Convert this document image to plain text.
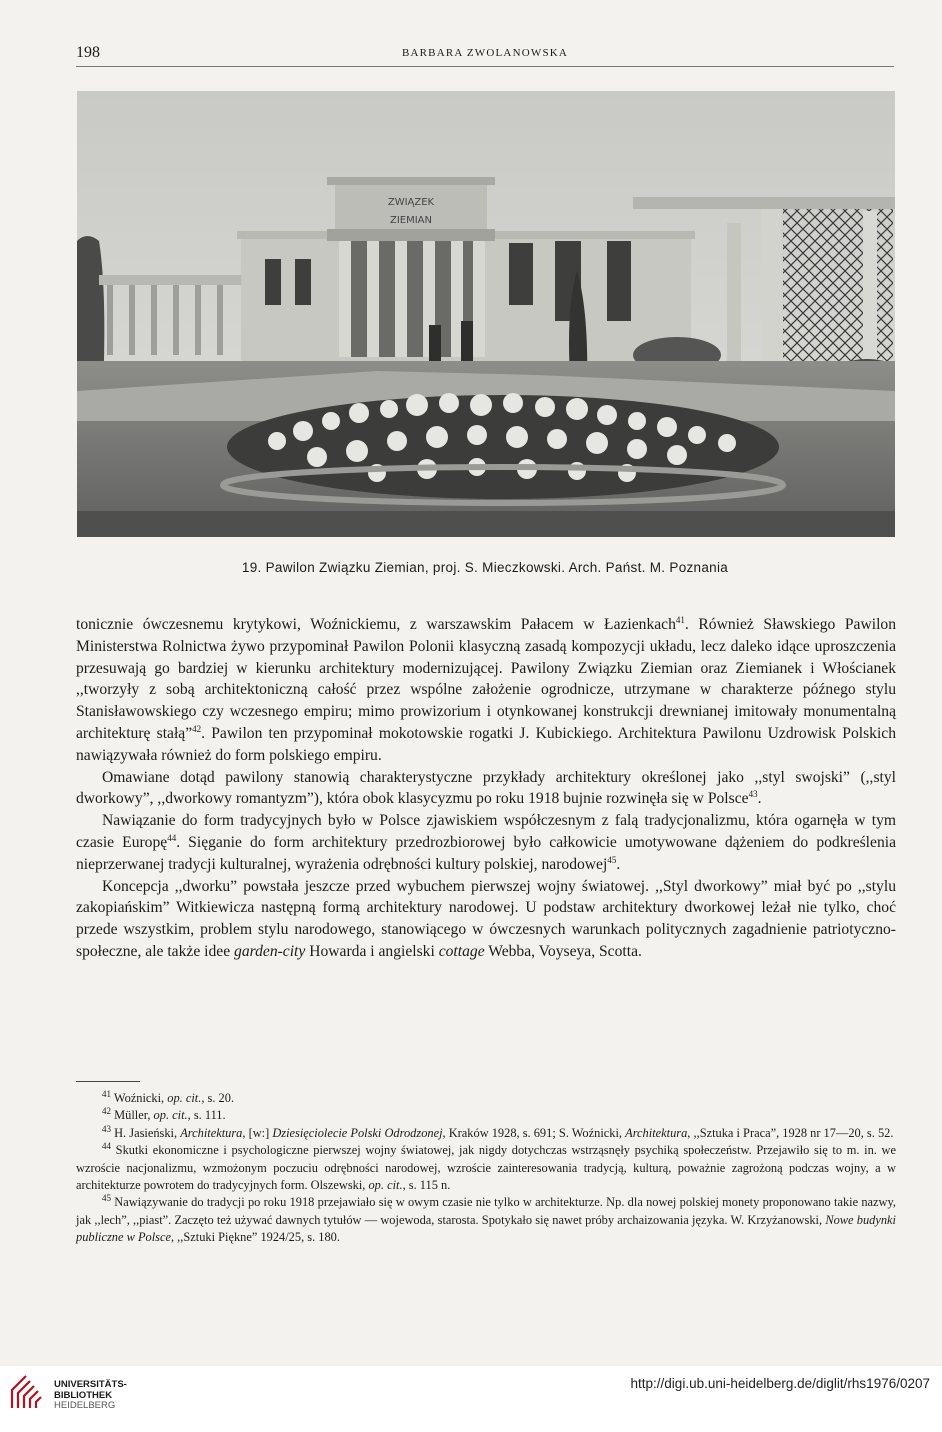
198	BARBARA ZWOLANOWSKA
ZWIĄZEK
ZIEMIAN
19. Pawilon Związku Ziemian, proj. S. Mieczkowski. Arch. Państ. M. Poznania

tonicznie ówczesnemu krytykowi, Woźnickiemu, z warszawskim Pałacem w Łazienkach$^{41}$. Również Sławskiego Pawilon Ministerstwa Rolnictwa żywo przypominał Pawilon Polonii klasyczną zasadą kompozycji układu, lecz daleko idące uproszczenia przesuwają go bardziej w kierunku architektury modernizującej. Pawilony Związku Ziemian oraz Ziemianek i Włościanek ,,tworzyły z sobą architektoniczną całość przez wspólne założenie ogrodnicze, utrzymane w charakterze późnego stylu Stanisławowskiego czy wczesnego empiru; mimo prowizorium i otynkowanej konstrukcji drewnianej imitowały monumentalną architekturę stałą”$^{42}$. Pawilon ten przypominał mokotowskie rogatki J. Kubickiego. Architektura Pawilonu Uzdrowisk Polskich nawiązywała również do form polskiego empiru.

Omawiane dotąd pawilony stanowią charakterystyczne przykłady architektury określonej jako ,,styl swojski” (,,styl dworkowy”, ,,dworkowy romantyzm”), która obok klasycyzmu po roku 1918 bujnie rozwinęła się w Polsce$^{43}$.

Nawiązanie do form tradycyjnych było w Polsce zjawiskiem współczesnym z falą tradycjonalizmu, która ogarnęła w tym czasie Europę$^{44}$. Sięganie do form architektury przedrozbiorowej było całkowicie umotywowane dążeniem do podkreślenia nieprzerwanej tradycji kulturalnej, wyrażenia odrębności kultury polskiej, narodowej$^{45}$.

Koncepcja ,,dworku” powstała jeszcze przed wybuchem pierwszej wojny światowej. ,,Styl dworkowy” miał być po ,,stylu zakopiańskim” Witkiewicza następną formą architektury narodowej. U podstaw architektury dworkowej leżał nie tylko, choć przede wszystkim, problem stylu narodowego, stanowiącego w ówczesnych warunkach politycznych zagadnienie patriotyczno-społeczne, ale także idee garden-city Howarda i angielski cottage Webba, Voyseya, Scotta.

$^{41}$ Woźnicki, op. cit., s. 20.

$^{42}$ Müller, op. cit., s. 111.

$^{43}$ H. Jasieński, Architektura, [w:] Dziesięciolecie Polski Odrodzonej, Kraków 1928, s. 691; S. Woźnicki, Architektura, ,,Sztuka i Praca”, 1928 nr 17—20, s. 52.

$^{44}$ Skutki ekonomiczne i psychologiczne pierwszej wojny światowej, jak nigdy dotychczas wstrząsnęły psychiką społeczeństw. Przejawiło się to m. in. we wzroście nacjonalizmu, wzmożonym poczuciu odrębności narodowej, wzroście zainteresowania tradycją, kulturą, poważnie zagrożoną podczas wojny, a w architekturze powrotem do tradycyjnych form. Olszewski, op. cit., s. 115 n.

$^{45}$ Nawiązywanie do tradycji po roku 1918 przejawiało się w owym czasie nie tylko w architekturze. Np. dla nowej polskiej monety proponowano takie nazwy, jak ,,lech”, ,,piast”. Zaczęto też używać dawnych tytułów — wojewoda, starosta. Spotykało się nawet próby archaizowania języka. W. Krzyżanowski, Nowe budynki publiczne w Polsce, ,,Sztuki Piękne” 1924/25, s. 180.

UNIVERSITÄTS-
BIBLIOTHEK
HEIDELBERG
http://digi.ub.uni-heidelberg.de/diglit/rhs1976/0207
